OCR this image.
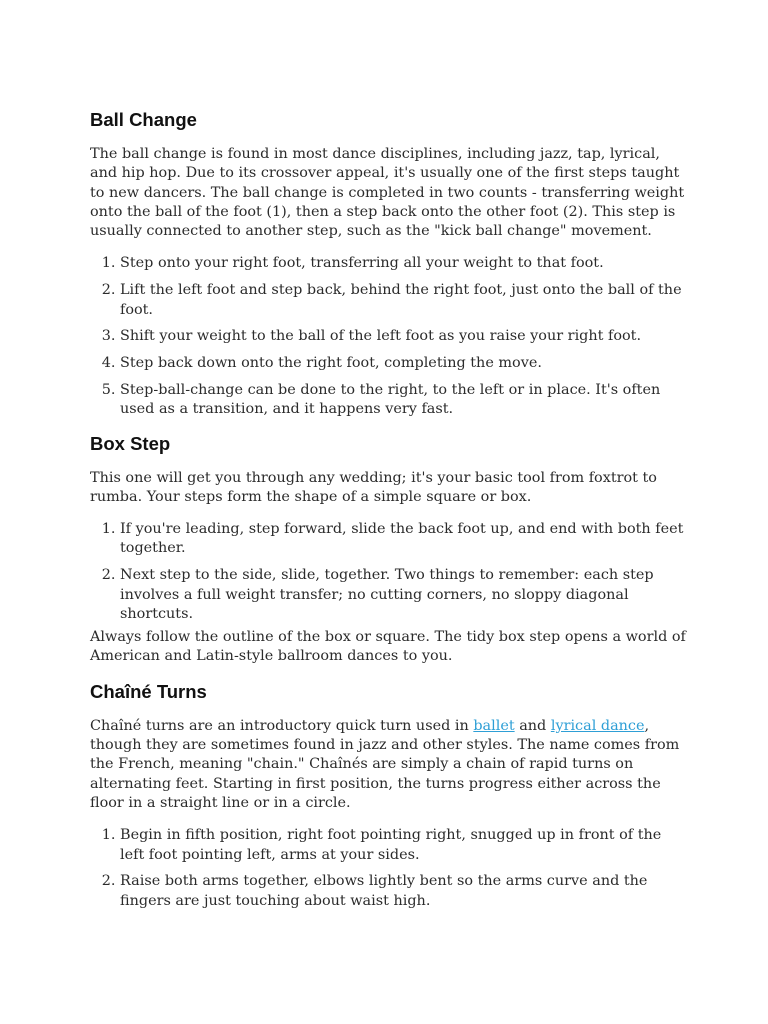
Ball Change

The ball change is found in most dance disciplines, including jazz, tap, lyrical, and hip hop. Due to its crossover appeal, it's usually one of the first steps taught to new dancers. The ball change is completed in two counts - transferring weight onto the ball of the foot (1), then a step back onto the other foot (2). This step is usually connected to another step, such as the "kick ball change" movement.

1. Step onto your right foot, transferring all your weight to that foot.
2. Lift the left foot and step back, behind the right foot, just onto the ball of the foot.
3. Shift your weight to the ball of the left foot as you raise your right foot.
4. Step back down onto the right foot, completing the move.
5. Step-ball-change can be done to the right, to the left or in place. It's often used as a transition, and it happens very fast.
Box Step

This one will get you through any wedding; it's your basic tool from foxtrot to rumba. Your steps form the shape of a simple square or box.

1. If you're leading, step forward, slide the back foot up, and end with both feet together.
2. Next step to the side, slide, together. Two things to remember: each step involves a full weight transfer; no cutting corners, no sloppy diagonal shortcuts.

Always follow the outline of the box or square. The tidy box step opens a world of American and Latin-style ballroom dances to you.

Chaîné Turns

Chaîné turns are an introductory quick turn used in ballet and lyrical dance, though they are sometimes found in jazz and other styles. The name comes from the French, meaning "chain." Chaînés are simply a chain of rapid turns on alternating feet. Starting in first position, the turns progress either across the floor in a straight line or in a circle.

1. Begin in fifth position, right foot pointing right, snugged up in front of the left foot pointing left, arms at your sides.
2. Raise both arms together, elbows lightly bent so the arms curve and the fingers are just touching about waist high.
